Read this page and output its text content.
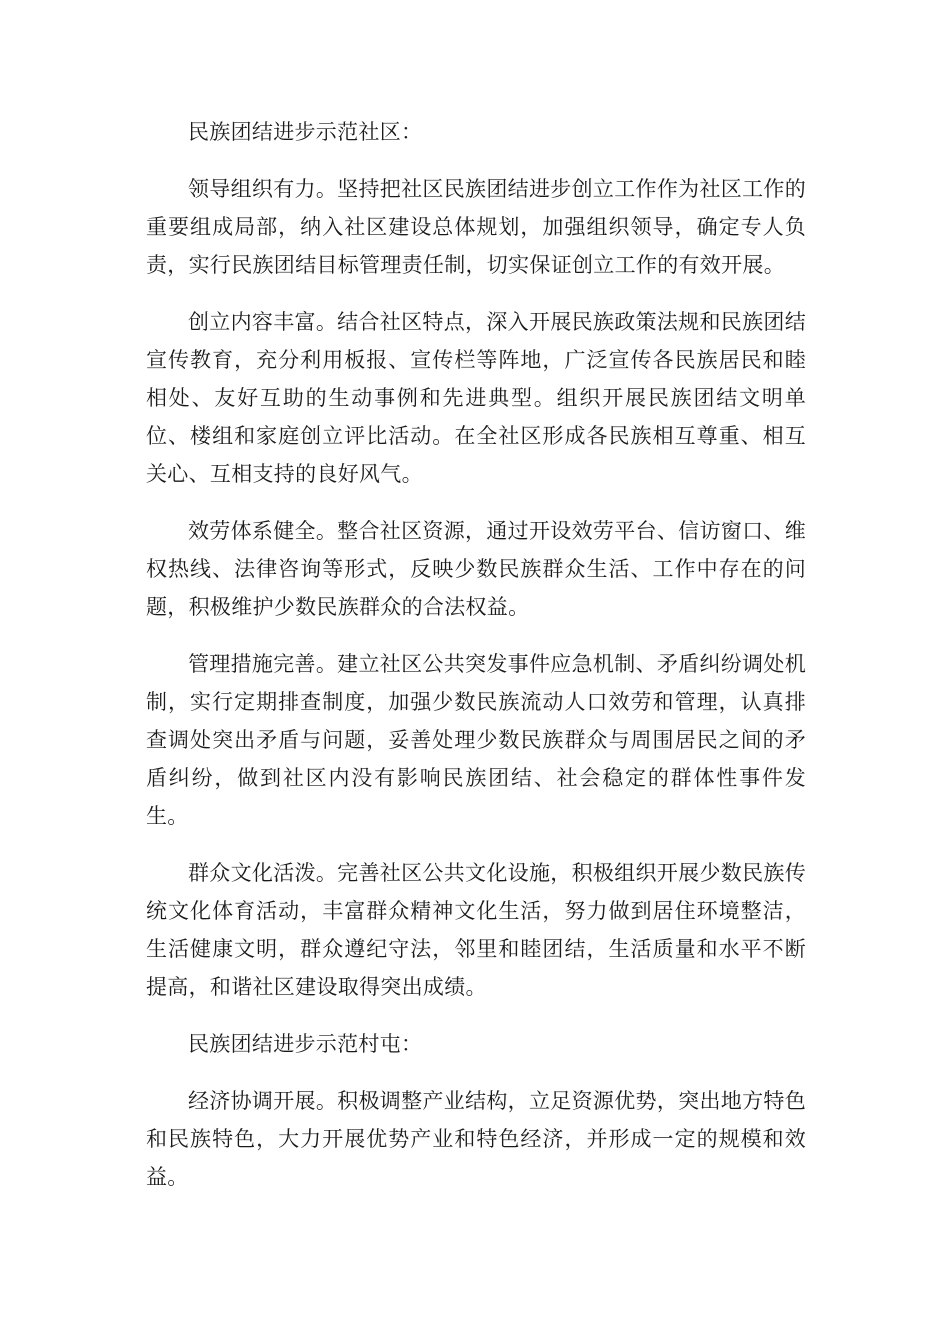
民族团结进步示范社区：

领导组织有力。坚持把社区民族团结进步创立工作作为社区工作的重要组成局部，纳入社区建设总体规划，加强组织领导，确定专人负责，实行民族团结目标管理责任制，切实保证创立工作的有效开展。

创立内容丰富。结合社区特点，深入开展民族政策法规和民族团结宣传教育，充分利用板报、宣传栏等阵地，广泛宣传各民族居民和睦相处、友好互助的生动事例和先进典型。组织开展民族团结文明单位、楼组和家庭创立评比活动。在全社区形成各民族相互尊重、相互关心、互相支持的良好风气。

效劳体系健全。整合社区资源，通过开设效劳平台、信访窗口、维权热线、法律咨询等形式，反映少数民族群众生活、工作中存在的问题，积极维护少数民族群众的合法权益。

管理措施完善。建立社区公共突发事件应急机制、矛盾纠纷调处机制，实行定期排查制度，加强少数民族流动人口效劳和管理，认真排查调处突出矛盾与问题，妥善处理少数民族群众与周围居民之间的矛盾纠纷，做到社区内没有影响民族团结、社会稳定的群体性事件发生。

群众文化活泼。完善社区公共文化设施，积极组织开展少数民族传统文化体育活动，丰富群众精神文化生活，努力做到居住环境整洁，生活健康文明，群众遵纪守法，邻里和睦团结，生活质量和水平不断提高，和谐社区建设取得突出成绩。

民族团结进步示范村屯：

经济协调开展。积极调整产业结构，立足资源优势，突出地方特色和民族特色，大力开展优势产业和特色经济，并形成一定的规模和效益。
